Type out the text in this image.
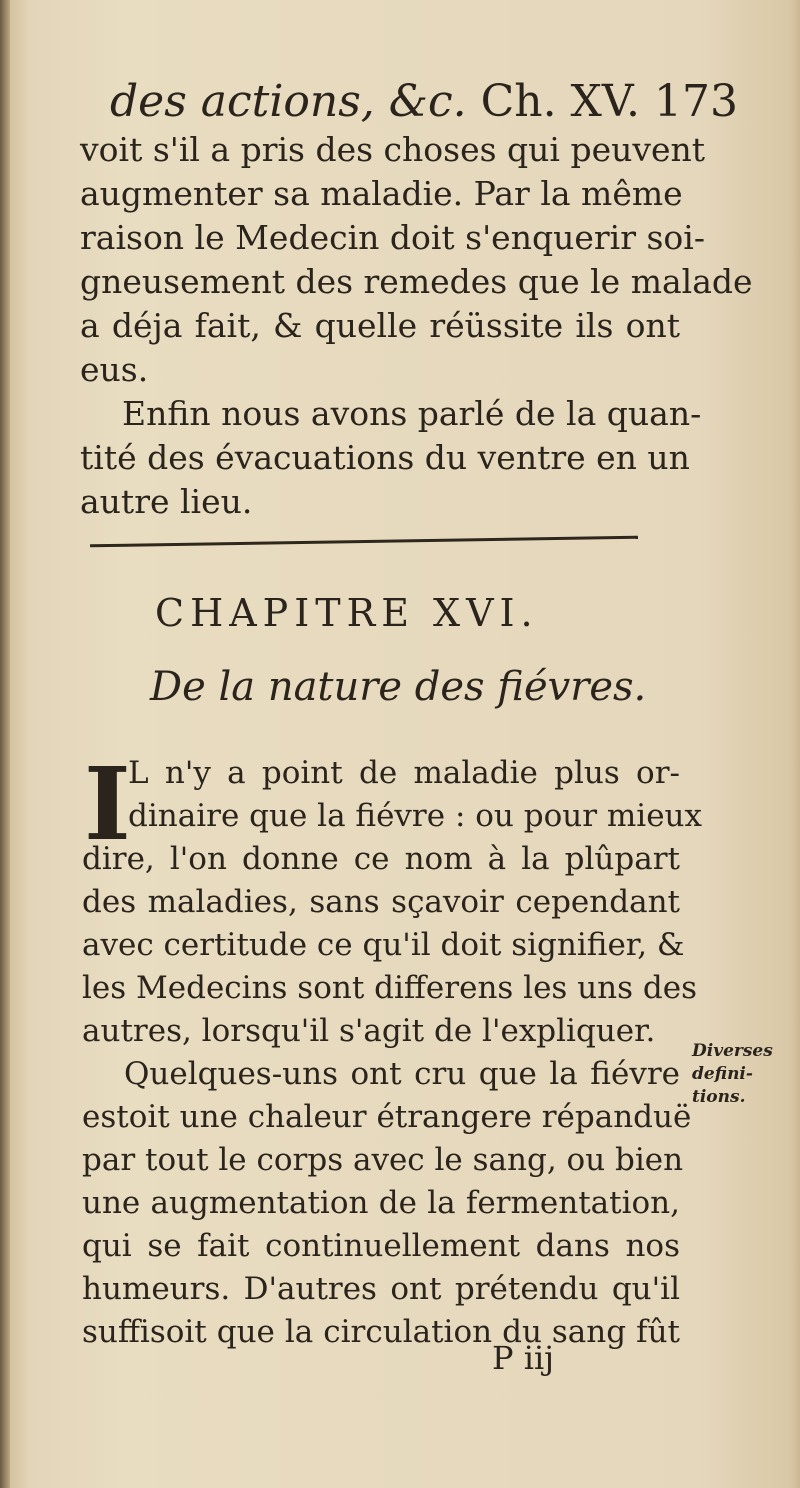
des actions, &c. Ch. XV. 173
voit s'il a pris des choses qui peuvent
augmenter sa maladie. Par la même
raison le Medecin doit s'enquerir soi-
gneusement des remedes que le malade
a déja fait, & quelle réüssite ils ont
eus.
Enfin nous avons parlé de la quan-
tité des évacuations du ventre en un
autre lieu.
CHAPITRE XVI.
De la nature des fiévres.
I
L n'y a point de maladie plus or-
dinaire que la fiévre : ou pour mieux
dire, l'on donne ce nom à la plûpart
des maladies, sans sçavoir cependant
avec certitude ce qu'il doit signifier, &
les Medecins sont differens les uns des
autres, lorsqu'il s'agit de l'expliquer.
Quelques-uns ont cru que la fiévre
estoit une chaleur étrangere répanduë
par tout le corps avec le sang, ou bien
une augmentation de la fermentation,
qui se fait continuellement dans nos
humeurs. D'autres ont prétendu qu'il
suffisoit que la circulation du sang fût
Diverses
defini-
tions.
P iij
